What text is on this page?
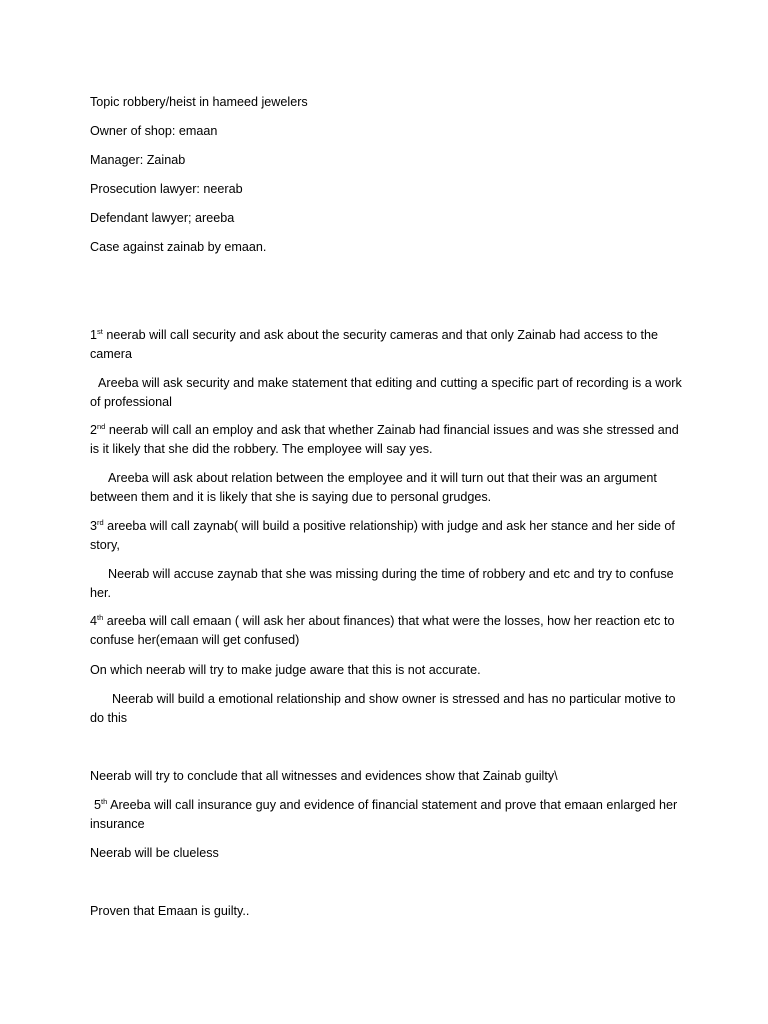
Topic robbery/heist in hameed jewelers

Owner of shop: emaan

Manager: Zainab

Prosecution lawyer: neerab

Defendant lawyer; areeba

Case against zainab by emaan.

1st neerab will call security and ask about the security cameras and that only Zainab had access to the camera

Areeba will ask security and make statement that editing and cutting a specific part of recording is a work of professional

2nd neerab will call an employ and ask that whether Zainab had financial issues and was she stressed and is it likely that she did the robbery. The employee will say yes.

Areeba will ask about relation between the employee and it will turn out that their was an argument between them and it is likely that she is saying due to personal grudges.

3rd areeba will call zaynab( will build a positive relationship) with judge and ask her stance and her side of story,

Neerab will accuse zaynab that she was missing during the time of robbery and etc and try to confuse her.

4th areeba will call emaan ( will ask her about finances) that what were the losses, how her reaction etc to confuse her(emaan will get confused)

On which neerab will try to make judge aware that this is not accurate.

Neerab will build a emotional relationship and show owner is stressed and has no particular motive to do this

Neerab will try to conclude that all witnesses and evidences show that Zainab guilty\

5th Areeba will call insurance guy and evidence of financial statement and prove that emaan enlarged her insurance

Neerab will be clueless

Proven that Emaan is guilty..
